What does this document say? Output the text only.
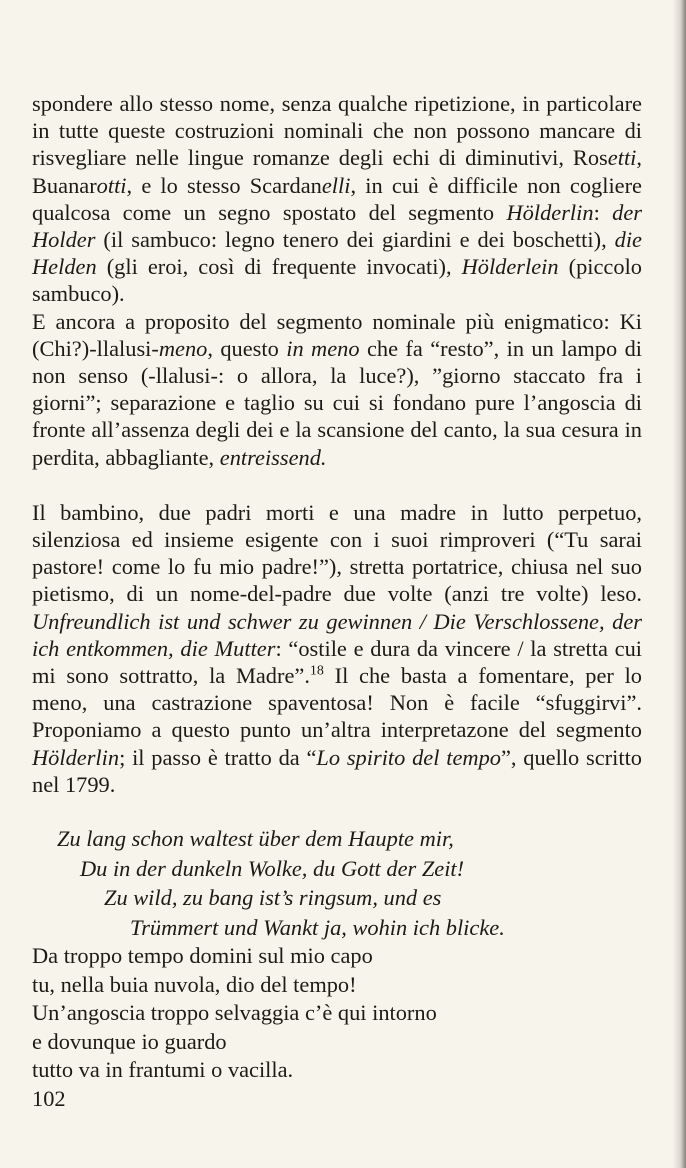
spondere allo stesso nome, senza qualche ripetizione, in particolare in tutte queste costruzioni nominali che non possono mancare di risvegliare nelle lingue romanze degli echi di diminutivi, Rosetti, Buanarotti, e lo stesso Scardanelli, in cui è difficile non cogliere qualcosa come un segno spostato del segmento Hölderlin: der Holder (il sambuco: legno tenero dei giardini e dei boschetti), die Helden (gli eroi, così di frequente invocati), Hölderlein (piccolo sambuco).

E ancora a proposito del segmento nominale più enigmatico: Ki (Chi?)-llalusi-meno, questo in meno che fa “resto”, in un lampo di non senso (-llalusi-: o allora, la luce?), ”giorno staccato fra i giorni”; separazione e taglio su cui si fondano pure l’angoscia di fronte all’assenza degli dei e la scansione del canto, la sua cesura in perdita, abbagliante, entreissend.

Il bambino, due padri morti e una madre in lutto perpetuo, silenziosa ed insieme esigente con i suoi rimproveri (“Tu sarai pastore! come lo fu mio padre!”), stretta portatrice, chiusa nel suo pietismo, di un nome-del-padre due volte (anzi tre volte) leso. Unfreundlich ist und schwer zu gewinnen / Die Verschlossene, der ich entkommen, die Mutter: “ostile e dura da vincere / la stretta cui mi sono sottratto, la Madre”.$^{18}$ Il che basta a fomentare, per lo meno, una castrazione spaventosa! Non è facile “sfuggirvi”. Proponiamo a questo punto un’altra interpretazone del segmento Hölderlin; il passo è tratto da “Lo spirito del tempo”, quello scritto nel 1799.

Zu lang schon waltest über dem Haupte mir,
Du in der dunkeln Wolke, du Gott der Zeit!
Zu wild, zu bang ist’s ringsum, und es
Trümmert und Wankt ja, wohin ich blicke.

Da troppo tempo domini sul mio capo
tu, nella buia nuvola, dio del tempo!
Un’angoscia troppo selvaggia c’è qui intorno
e dovunque io guardo
tutto va in frantumi o vacilla.

102
